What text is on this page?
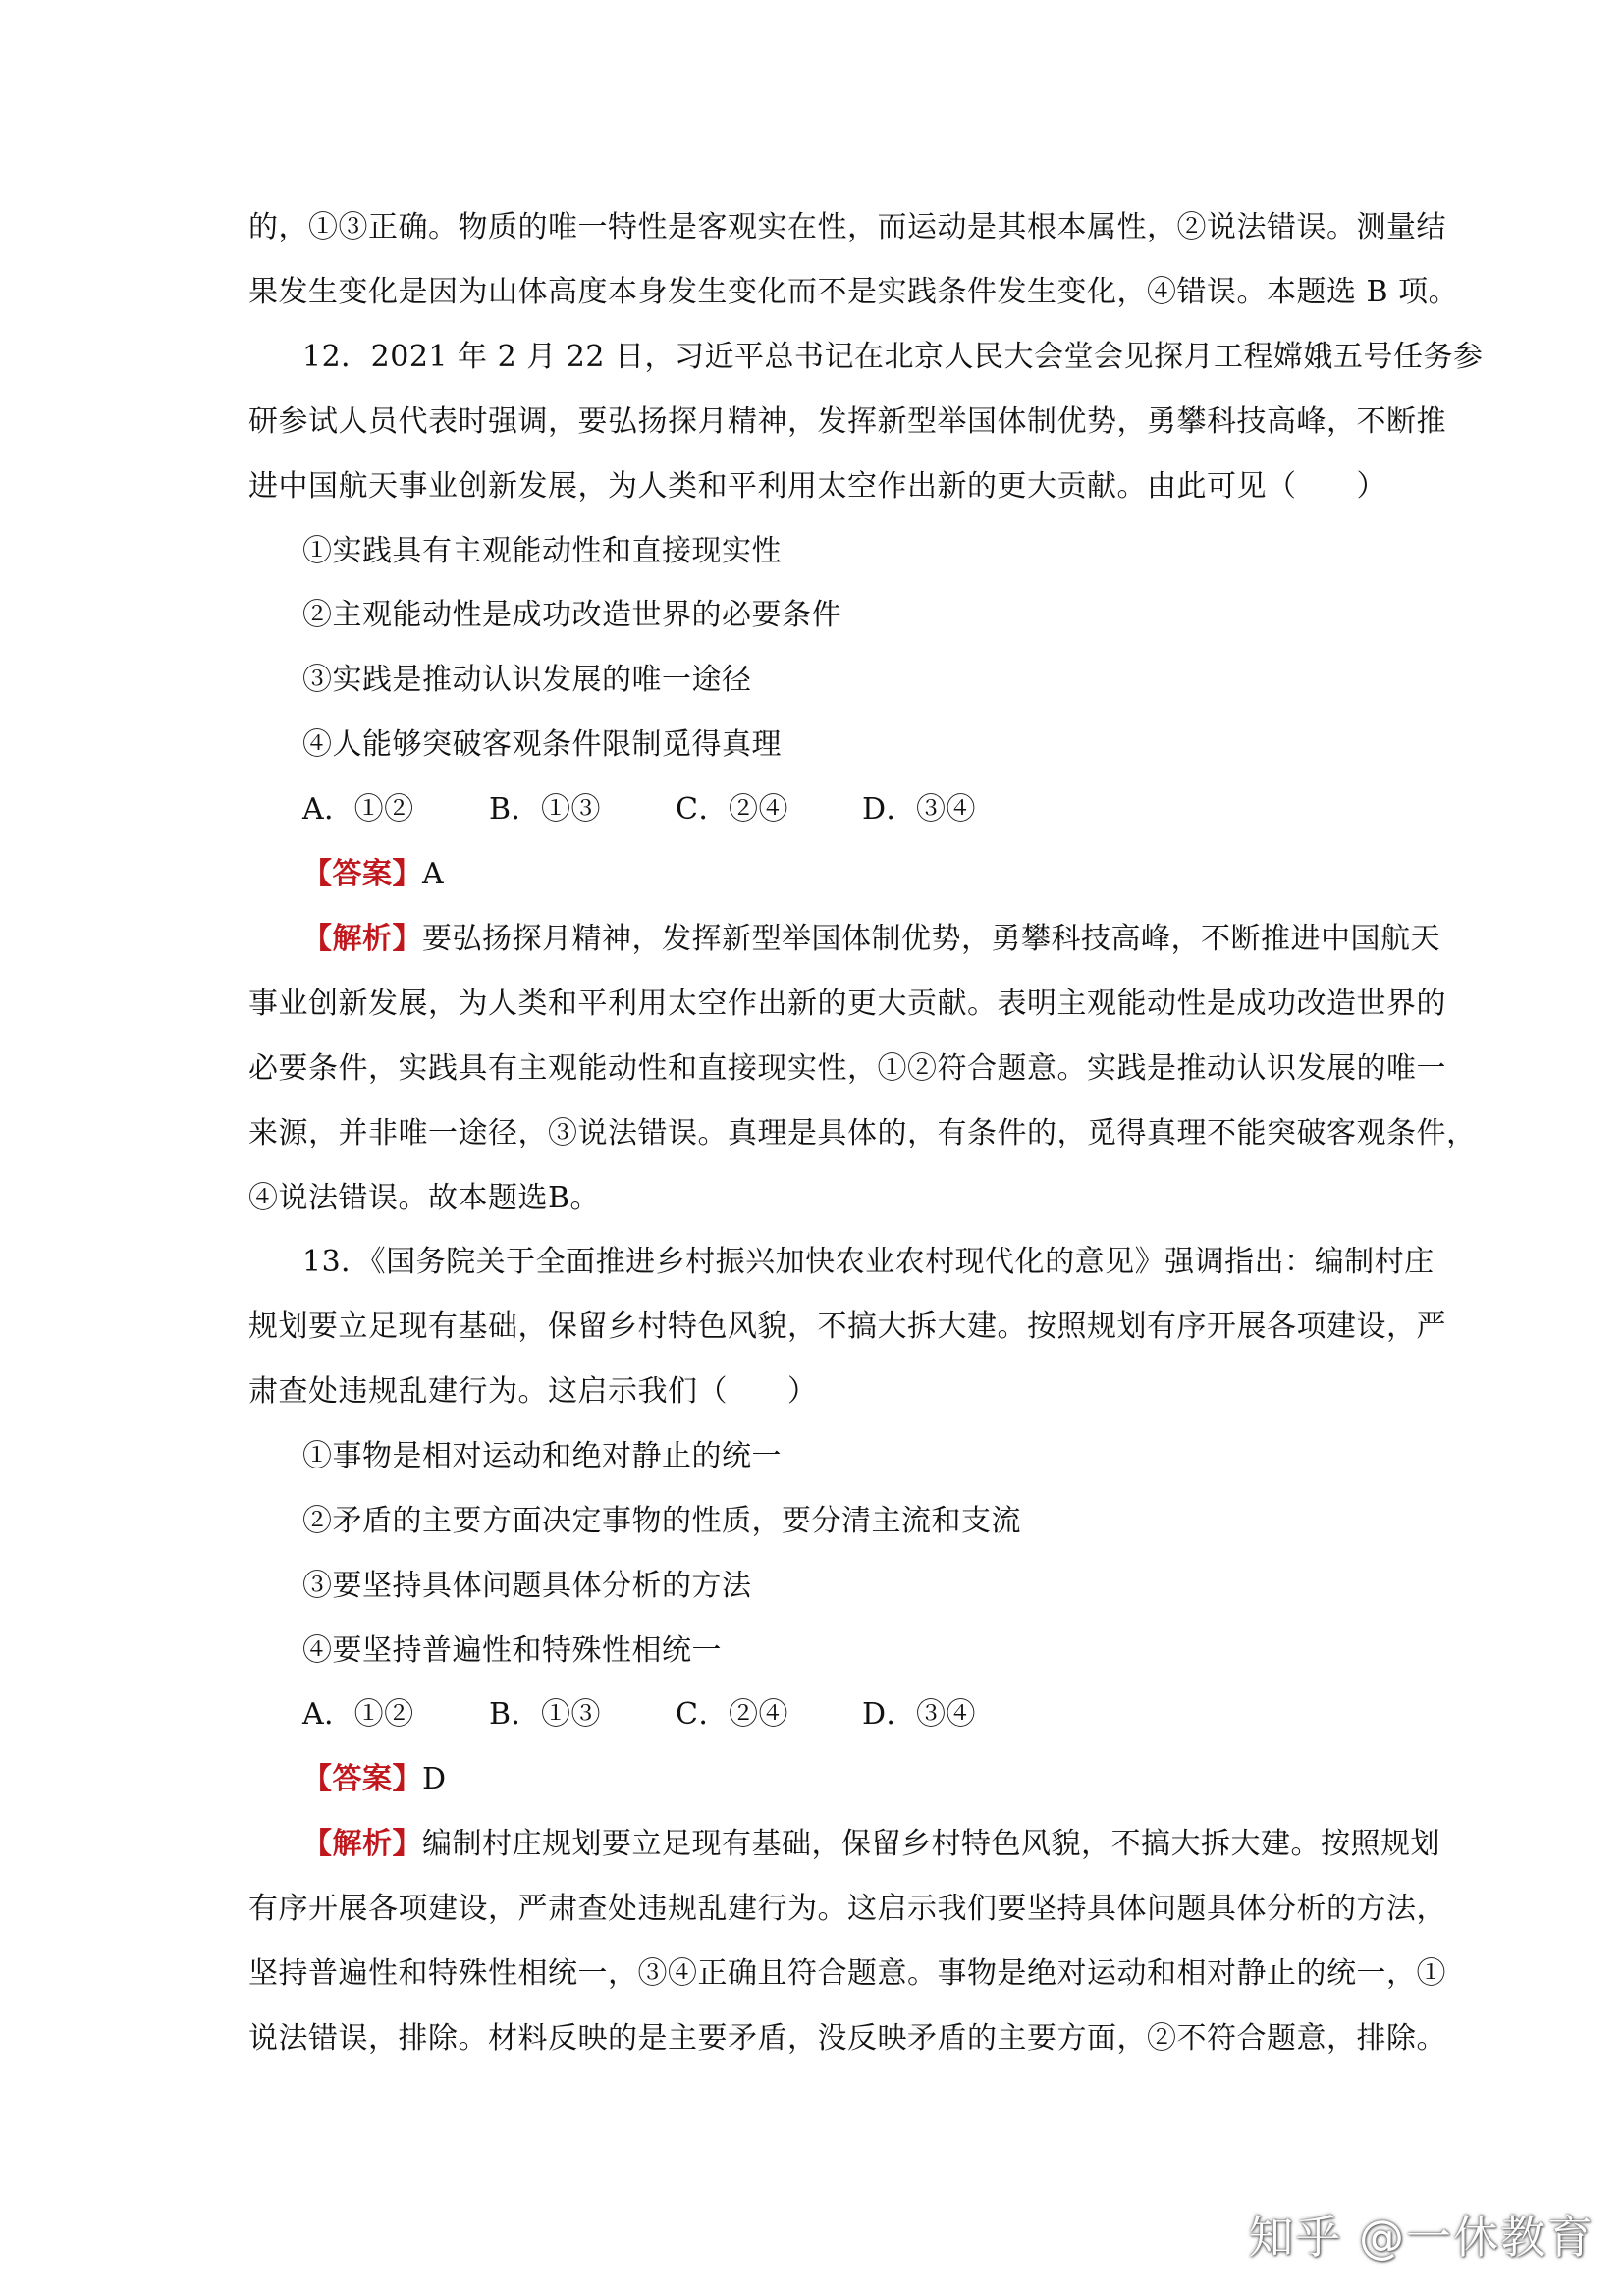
的，①③正确。物质的唯一特性是客观实在性，而运动是其根本属性，②说法错误。测量结
果发生变化是因为山体高度本身发生变化而不是实践条件发生变化，④错误。本题选 B 项。
12．2021 年 2 月 22 日，习近平总书记在北京人民大会堂会见探月工程嫦娥五号任务参
研参试人员代表时强调，要弘扬探月精神，发挥新型举国体制优势，勇攀科技高峰，不断推
进中国航天事业创新发展，为人类和平利用太空作出新的更大贡献。由此可见（　　）
①实践具有主观能动性和直接现实性
②主观能动性是成功改造世界的必要条件
③实践是推动认识发展的唯一途径
④人能够突破客观条件限制觅得真理
A．①②	B．①③	C．②④	D．③④
【答案】A
【解析】要弘扬探月精神，发挥新型举国体制优势，勇攀科技高峰，不断推进中国航天
事业创新发展，为人类和平利用太空作出新的更大贡献。表明主观能动性是成功改造世界的
必要条件，实践具有主观能动性和直接现实性，①②符合题意。实践是推动认识发展的唯一
来源，并非唯一途径，③说法错误。真理是具体的，有条件的，觅得真理不能突破客观条件，
④说法错误。故本题选B。
13．《国务院关于全面推进乡村振兴加快农业农村现代化的意见》强调指出：编制村庄
规划要立足现有基础，保留乡村特色风貌，不搞大拆大建。按照规划有序开展各项建设，严
肃查处违规乱建行为。这启示我们（　　）
①事物是相对运动和绝对静止的统一
②矛盾的主要方面决定事物的性质，要分清主流和支流
③要坚持具体问题具体分析的方法
④要坚持普遍性和特殊性相统一
A．①②	B．①③	C．②④	D．③④
【答案】D
【解析】编制村庄规划要立足现有基础，保留乡村特色风貌，不搞大拆大建。按照规划
有序开展各项建设，严肃查处违规乱建行为。这启示我们要坚持具体问题具体分析的方法，
坚持普遍性和特殊性相统一，③④正确且符合题意。事物是绝对运动和相对静止的统一，①
说法错误，排除。材料反映的是主要矛盾，没反映矛盾的主要方面，②不符合题意，排除。
知乎 @一休教育
